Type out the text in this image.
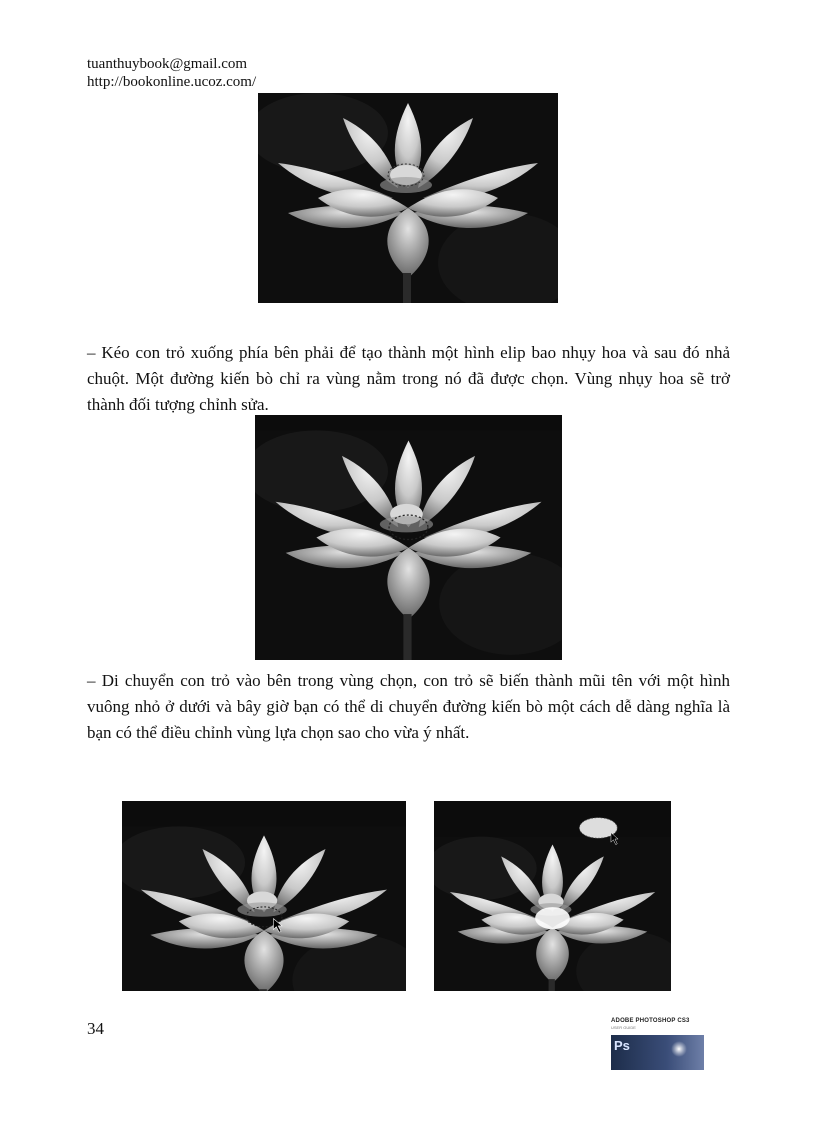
tuanthuybook@gmail.com
http://bookonline.ucoz.com/

– Kéo con trỏ xuống phía bên phải để tạo thành một hình elip bao nhụy hoa và sau đó nhả chuột. Một đường kiến bò chỉ ra vùng nằm trong nó đã được chọn. Vùng nhụy hoa sẽ trở thành đối tượng chỉnh sửa.

– Di chuyển con trỏ vào bên trong vùng chọn, con trỏ sẽ biến thành mũi tên với một hình vuông nhỏ ở dưới và bây giờ bạn có thể di chuyển đường kiến bò một cách dễ dàng nghĩa là bạn có thể điều chỉnh vùng lựa chọn sao cho vừa ý nhất.

34	ADOBE PHOTOSHOP CS3
USER GUIDE
Ps
